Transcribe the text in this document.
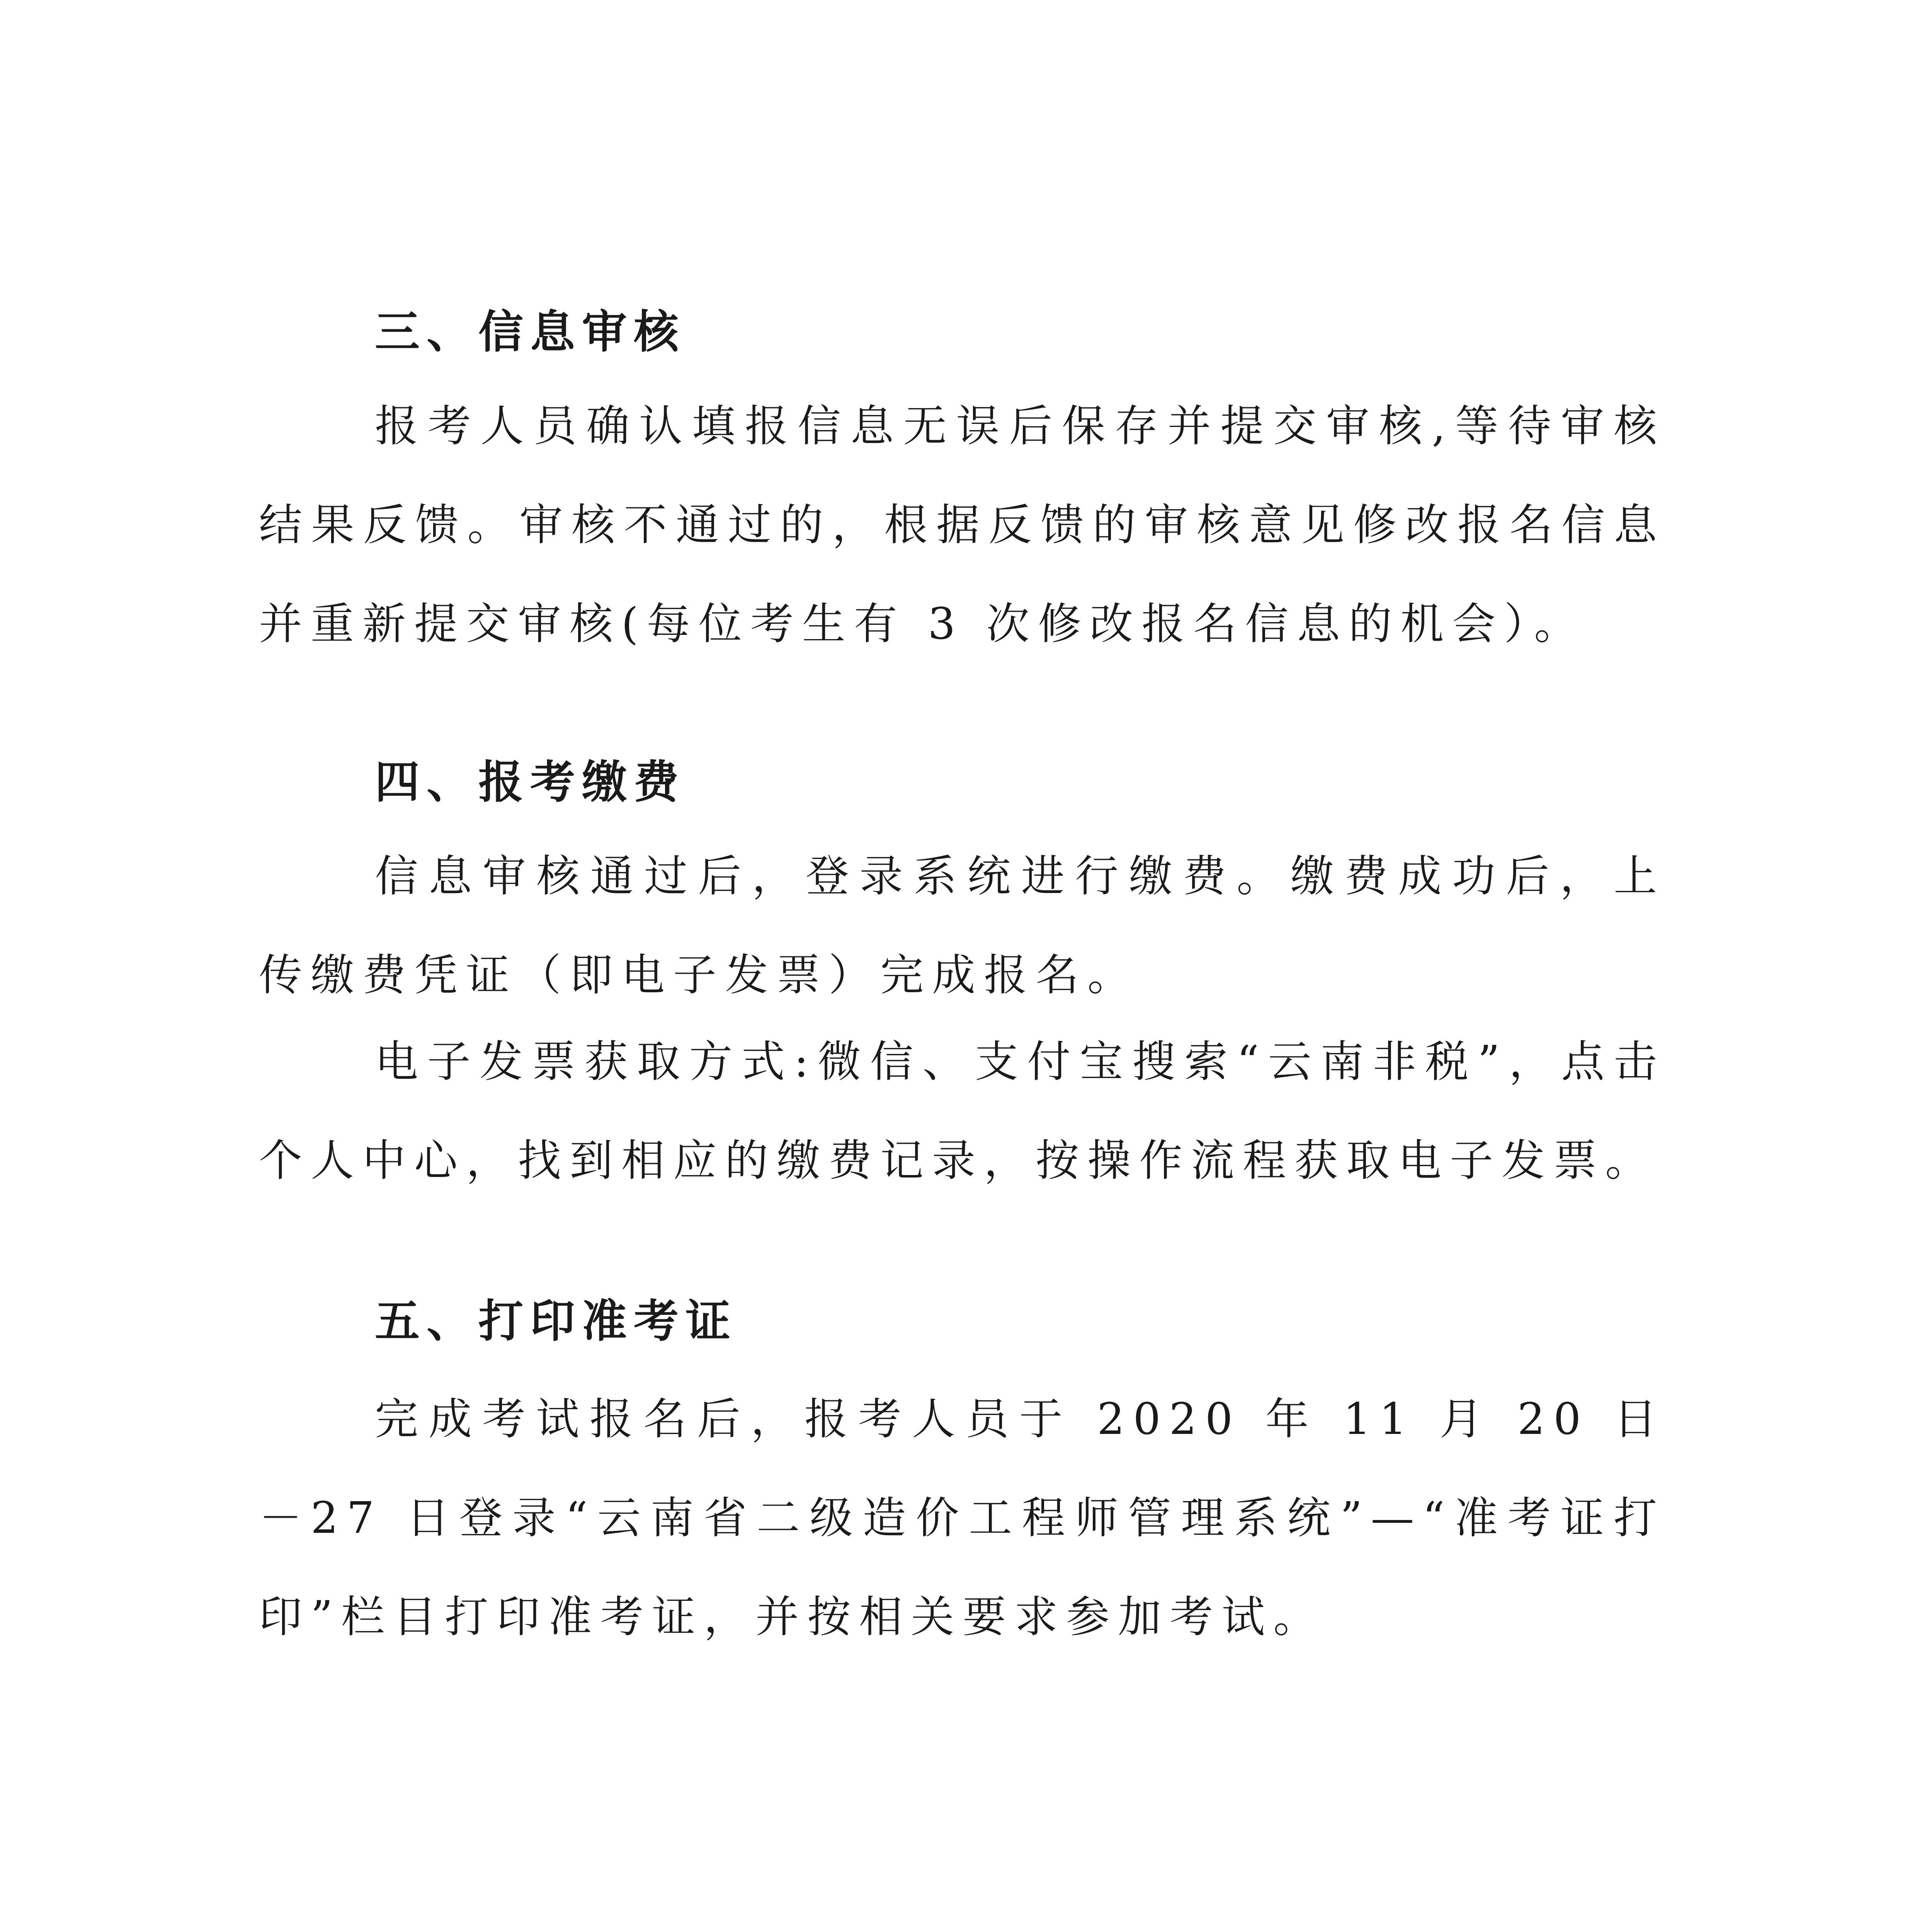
三、信息审核
报考人员确认填报信息无误后保存并提交审核,等待审核结果反馈。审核不通过的，根据反馈的审核意见修改报名信息并重新提交审核(每位考生有 3 次修改报名信息的机会）。
四、报考缴费
信息审核通过后，登录系统进行缴费。缴费成功后，上传缴费凭证（即电子发票）完成报名。
电子发票获取方式:微信、支付宝搜索“云南非税”，点击个人中心，找到相应的缴费记录，按操作流程获取电子发票。
五、打印准考证
完成考试报名后，报考人员于 2020 年 11 月 20 日－27 日登录“云南省二级造价工程师管理系统”—“准考证打印”栏目打印准考证，并按相关要求参加考试。
